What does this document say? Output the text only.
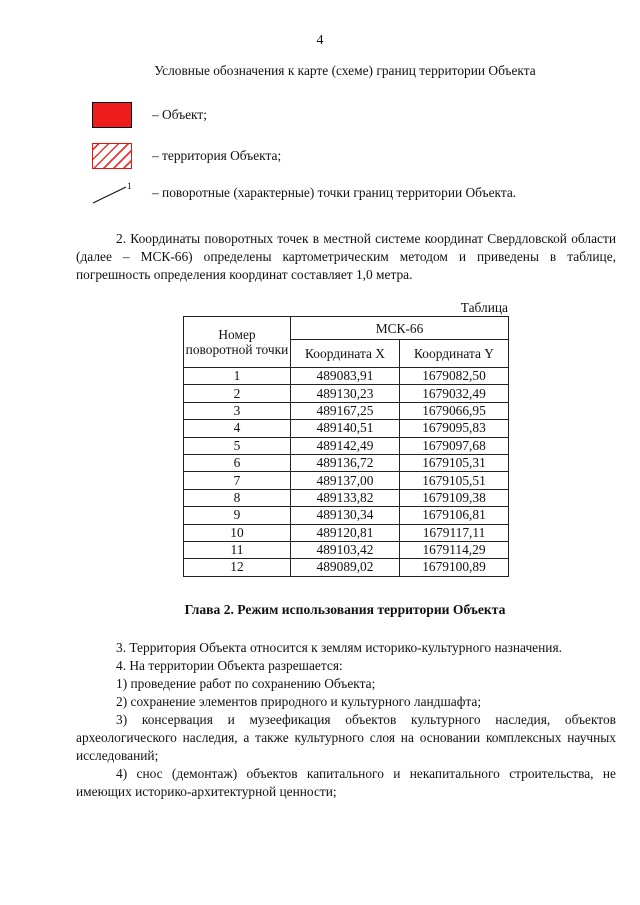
4
Условные обозначения к карте (схеме) границ территории Объекта
– Объект;
– территория Объекта;
1 – поворотные (характерные) точки границ территории Объекта.
2. Координаты поворотных точек в местной системе координат Свердловской области (далее – МСК-66) определены картометрическим методом и приведены в таблице, погрешность определения координат составляет 1,0 метра.
Таблица
Номер поворотной точки	МСК-66	
	Координата X	Координата Y
1	489083,91	1679082,50
2	489130,23	1679032,49
3	489167,25	1679066,95
4	489140,51	1679095,83
5	489142,49	1679097,68
6	489136,72	1679105,31
7	489137,00	1679105,51
8	489133,82	1679109,38
9	489130,34	1679106,81
10	489120,81	1679117,11
11	489103,42	1679114,29
12	489089,02	1679100,89
Глава 2. Режим использования территории Объекта

3. Территория Объекта относится к землям историко-культурного назначения.

4. На территории Объекта разрешается:

1) проведение работ по сохранению Объекта;

2) сохранение элементов природного и культурного ландшафта;

3) консервация и музеефикация объектов культурного наследия, объектов археологического наследия, а также культурного слоя на основании комплексных научных исследований;

4) снос (демонтаж) объектов капитального и некапитального строительства, не имеющих историко-архитектурной ценности;
